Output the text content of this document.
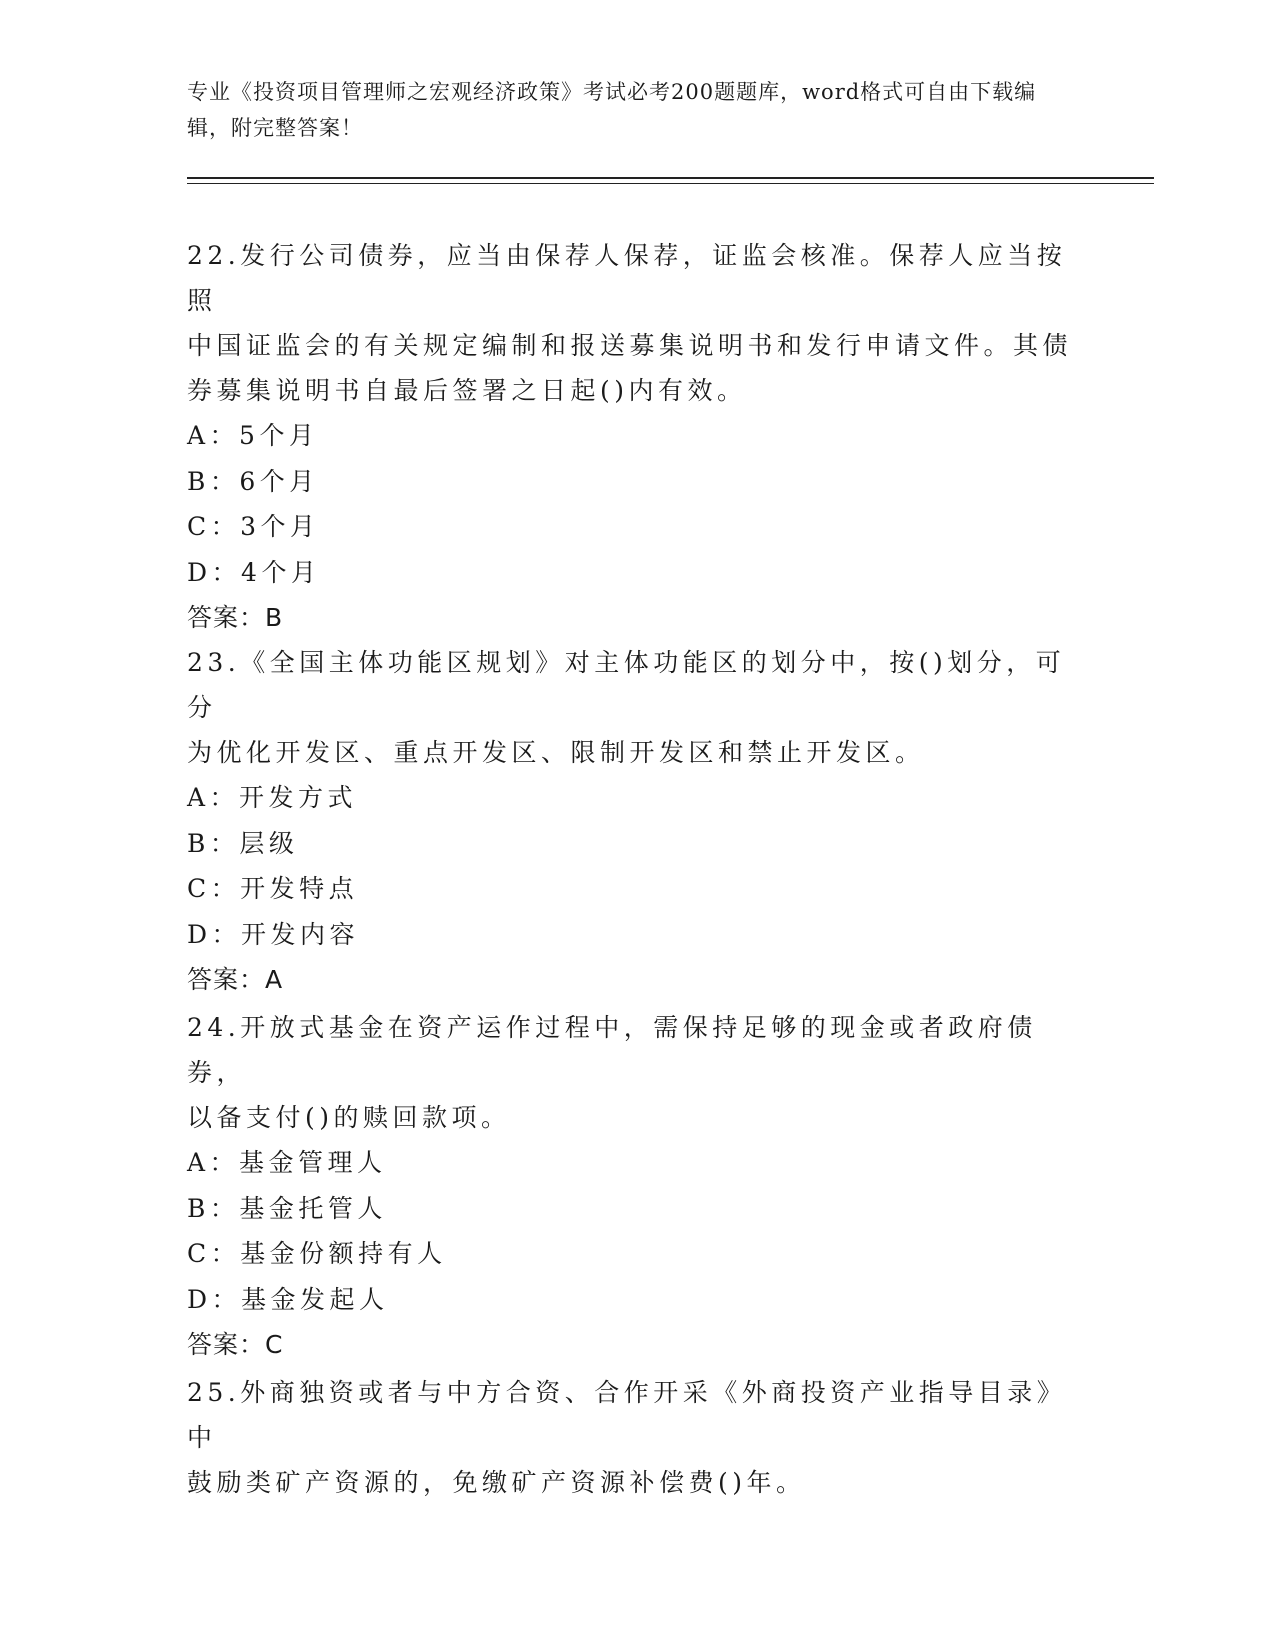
专业《投资项目管理师之宏观经济政策》考试必考200题题库，word格式可自由下载编辑，附完整答案！

22.发行公司债券，应当由保荐人保荐，证监会核准。保荐人应当按照

中国证监会的有关规定编制和报送募集说明书和发行申请文件。其债

券募集说明书自最后签署之日起()内有效。

A：5个月

B：6个月

C：3个月

D：4个月

答案：B

23.《全国主体功能区规划》对主体功能区的划分中，按()划分，可分

为优化开发区、重点开发区、限制开发区和禁止开发区。

A：开发方式

B：层级

C：开发特点

D：开发内容

答案：A

24.开放式基金在资产运作过程中，需保持足够的现金或者政府债券，

以备支付()的赎回款项。

A：基金管理人

B：基金托管人

C：基金份额持有人

D：基金发起人

答案：C

25.外商独资或者与中方合资、合作开采《外商投资产业指导目录》中

鼓励类矿产资源的，免缴矿产资源补偿费()年。
